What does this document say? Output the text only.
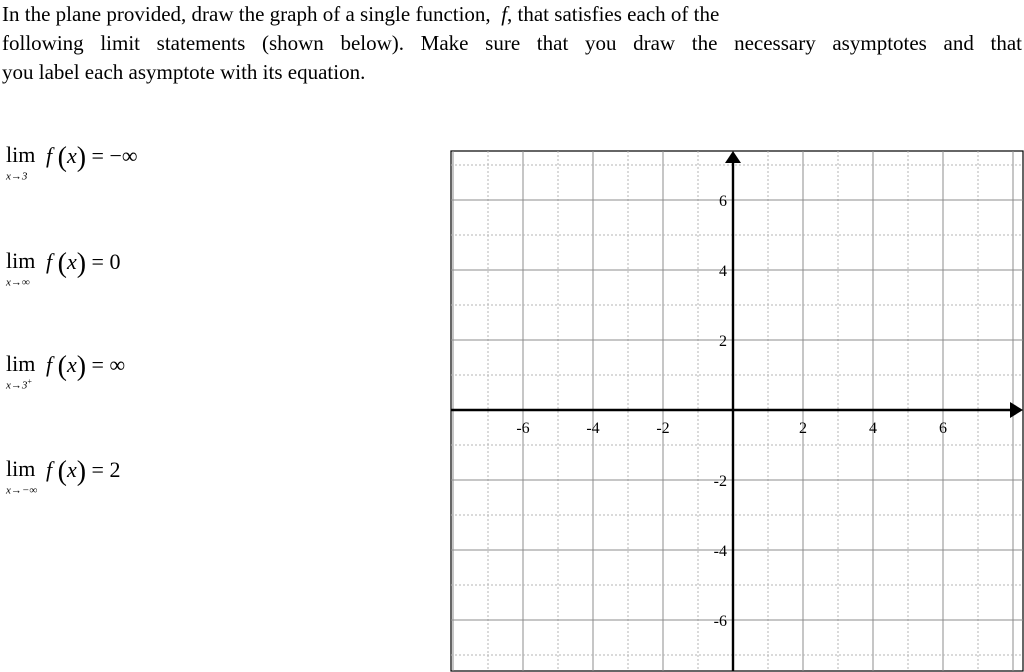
In the plane provided, draw the graph of a single function, f, that satisfies each of the

following limit statements (shown below). Make sure that you draw the necessary asymptotes and that

you label each asymptote with its equation.

lim
x→3
f (x) = −∞
lim
x→∞
f (x) = 0
lim
x→3+
f (x) = ∞
lim
x→−∞
f (x) = 2
-6	-4	-2	2	4	6
6
4
2
-2
-4
-6
